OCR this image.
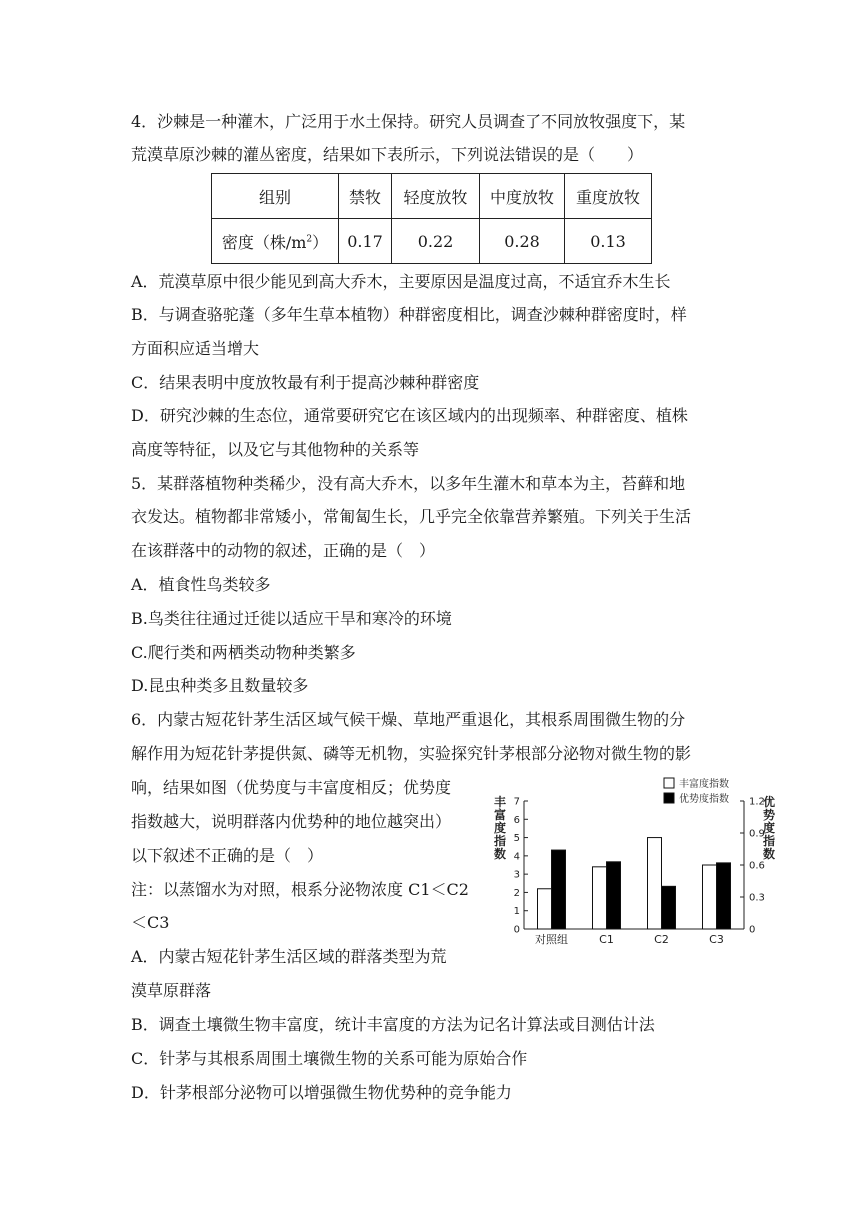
4．沙棘是一种灌木，广泛用于水土保持。研究人员调查了不同放牧强度下，某
荒漠草原沙棘的灌丛密度，结果如下表所示，下列说法错误的是（　　）
组别	禁牧	轻度放牧	中度放牧	重度放牧
密度（株$/m^2$）	0.17	0.22	0.28	0.13
A．荒漠草原中很少能见到高大乔木，主要原因是温度过高，不适宜乔木生长
B．与调查骆驼蓬（多年生草本植物）种群密度相比，调查沙棘种群密度时，样
方面积应适当增大
C．结果表明中度放牧最有利于提高沙棘种群密度
D．研究沙棘的生态位，通常要研究它在该区域内的出现频率、种群密度、植株
高度等特征，以及它与其他物种的关系等
5．某群落植物种类稀少，没有高大乔木，以多年生灌木和草本为主，苔藓和地
衣发达。植物都非常矮小，常匍匐生长，几乎完全依靠营养繁殖。下列关于生活
在该群落中的动物的叙述，正确的是（　）
A．植食性鸟类较多
B.鸟类往往通过迁徙以适应干旱和寒冷的环境
C.爬行类和两栖类动物种类繁多
D.昆虫种类多且数量较多
6．内蒙古短花针茅生活区域气候干燥、草地严重退化，其根系周围微生物的分
解作用为短花针茅提供氮、磷等无机物，实验探究针茅根部分泌物对微生物的影
响，结果如图（优势度与丰富度相反；优势度
指数越大，说明群落内优势种的地位越突出）
以下叙述不正确的是（　）
注：以蒸馏水为对照，根系分泌物浓度 C1＜C2
＜C3
A．内蒙古短花针茅生活区域的群落类型为荒
漠草原群落
B．调查土壤微生物丰富度，统计丰富度的方法为记名计算法或目测估计法
C．针茅与其根系周围土壤微生物的关系可能为原始合作
D．针茅根部分泌物可以增强微生物优势种的竞争能力
0
1
2
3
4
5
6
7
0
0.3
0.6
0.9
1.2
丰
富
度
指
数
优
势
度
指
数
对照组	C1	C2	C3
丰富度指数
优势度指数
